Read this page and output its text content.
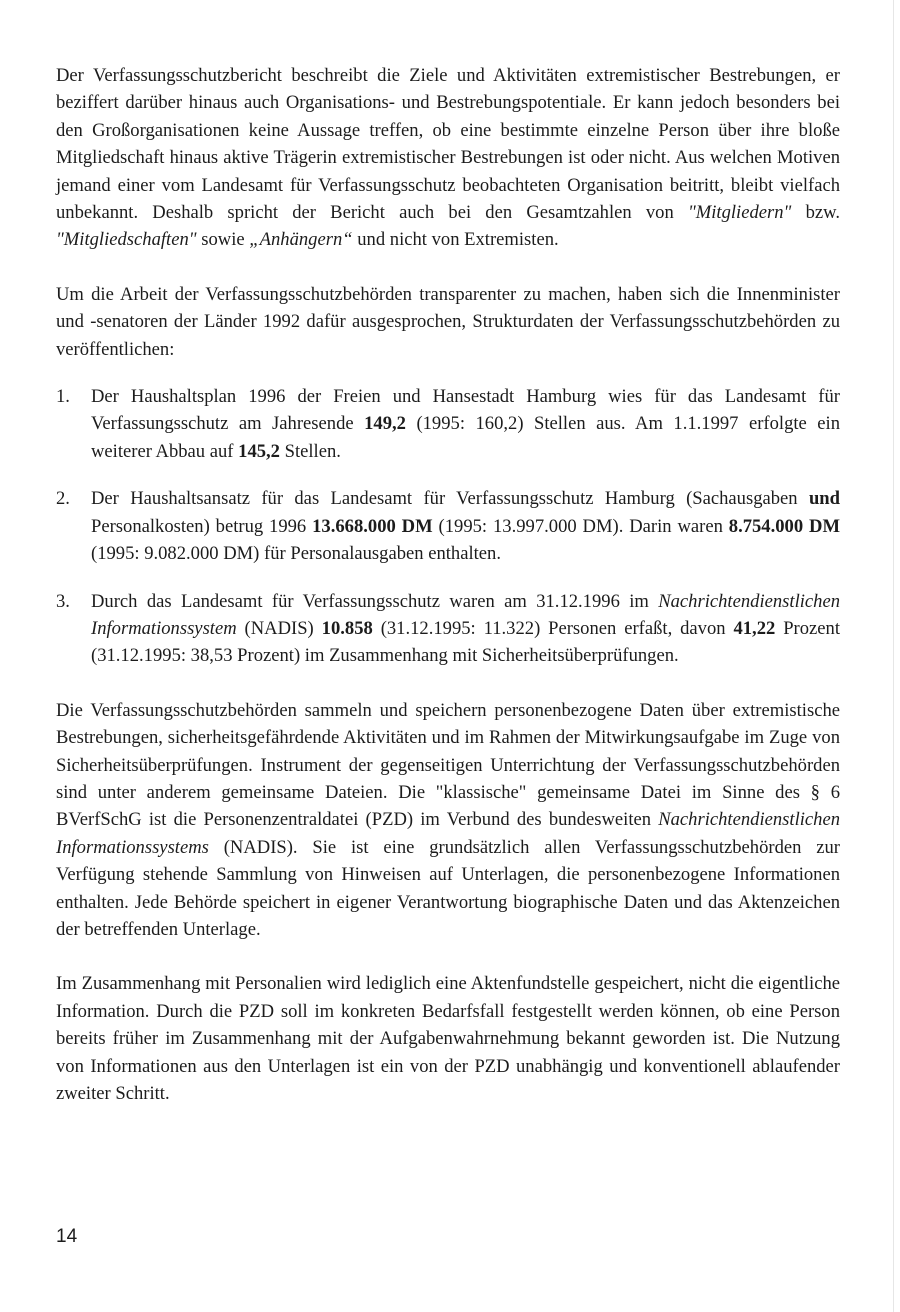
Der Verfassungsschutzbericht beschreibt die Ziele und Aktivitäten extremistischer Bestrebungen, er beziffert darüber hinaus auch Organisations- und Bestrebungspotentiale. Er kann jedoch besonders bei den Großorganisationen keine Aussage treffen, ob eine bestimmte einzelne Person über ihre bloße Mitgliedschaft hinaus aktive Trägerin extremistischer Bestrebungen ist oder nicht. Aus welchen Motiven jemand einer vom Landesamt für Verfassungsschutz beobachteten Organisation beitritt, bleibt vielfach unbekannt. Deshalb spricht der Bericht auch bei den Gesamtzahlen von "Mitgliedern" bzw. "Mitgliedschaften" sowie „Anhängern“ und nicht von Extremisten.

Um die Arbeit der Verfassungsschutzbehörden transparenter zu machen, haben sich die Innenminister und -senatoren der Länder 1992 dafür ausgesprochen, Strukturdaten der Verfassungsschutzbehörden zu veröffentlichen:

1.	Der Haushaltsplan 1996 der Freien und Hansestadt Hamburg wies für das Landesamt für Verfassungsschutz am Jahresende 149,2 (1995: 160,2) Stellen aus. Am 1.1.1997 erfolgte ein weiterer Abbau auf 145,2 Stellen.
2.	Der Haushaltsansatz für das Landesamt für Verfassungsschutz Hamburg (Sachausgaben und Personalkosten) betrug 1996 13.668.000 DM (1995: 13.997.000 DM). Darin waren 8.754.000 DM (1995: 9.082.000 DM) für Personalausgaben enthalten.
3.	Durch das Landesamt für Verfassungsschutz waren am 31.12.1996 im Nachrichtendienstlichen Informationssystem (NADIS) 10.858 (31.12.1995: 11.322) Personen erfaßt, davon 41,22 Prozent (31.12.1995: 38,53 Prozent) im Zusammenhang mit Sicherheitsüberprüfungen.

Die Verfassungsschutzbehörden sammeln und speichern personenbezogene Daten über extremistische Bestrebungen, sicherheitsgefährdende Aktivitäten und im Rahmen der Mitwirkungsaufgabe im Zuge von Sicherheitsüberprüfungen. Instrument der gegenseitigen Unterrichtung der Verfassungsschutzbehörden sind unter anderem gemeinsame Dateien. Die "klassische" gemeinsame Datei im Sinne des § 6 BVerfSchG ist die Personenzentraldatei (PZD) im Verbund des bundesweiten Nachrichtendienstlichen Informationssystems (NADIS). Sie ist eine grundsätzlich allen Verfassungsschutzbehörden zur Verfügung stehende Sammlung von Hinweisen auf Unterlagen, die personenbezogene Informationen enthalten. Jede Behörde speichert in eigener Verantwortung biographische Daten und das Aktenzeichen der betreffenden Unterlage.

Im Zusammenhang mit Personalien wird lediglich eine Aktenfundstelle gespeichert, nicht die eigentliche Information. Durch die PZD soll im konkreten Bedarfsfall festgestellt werden können, ob eine Person bereits früher im Zusammenhang mit der Aufgabenwahrnehmung bekannt geworden ist. Die Nutzung von Informationen aus den Unterlagen ist ein von der PZD unabhängig und konventionell ablaufender zweiter Schritt.

14
